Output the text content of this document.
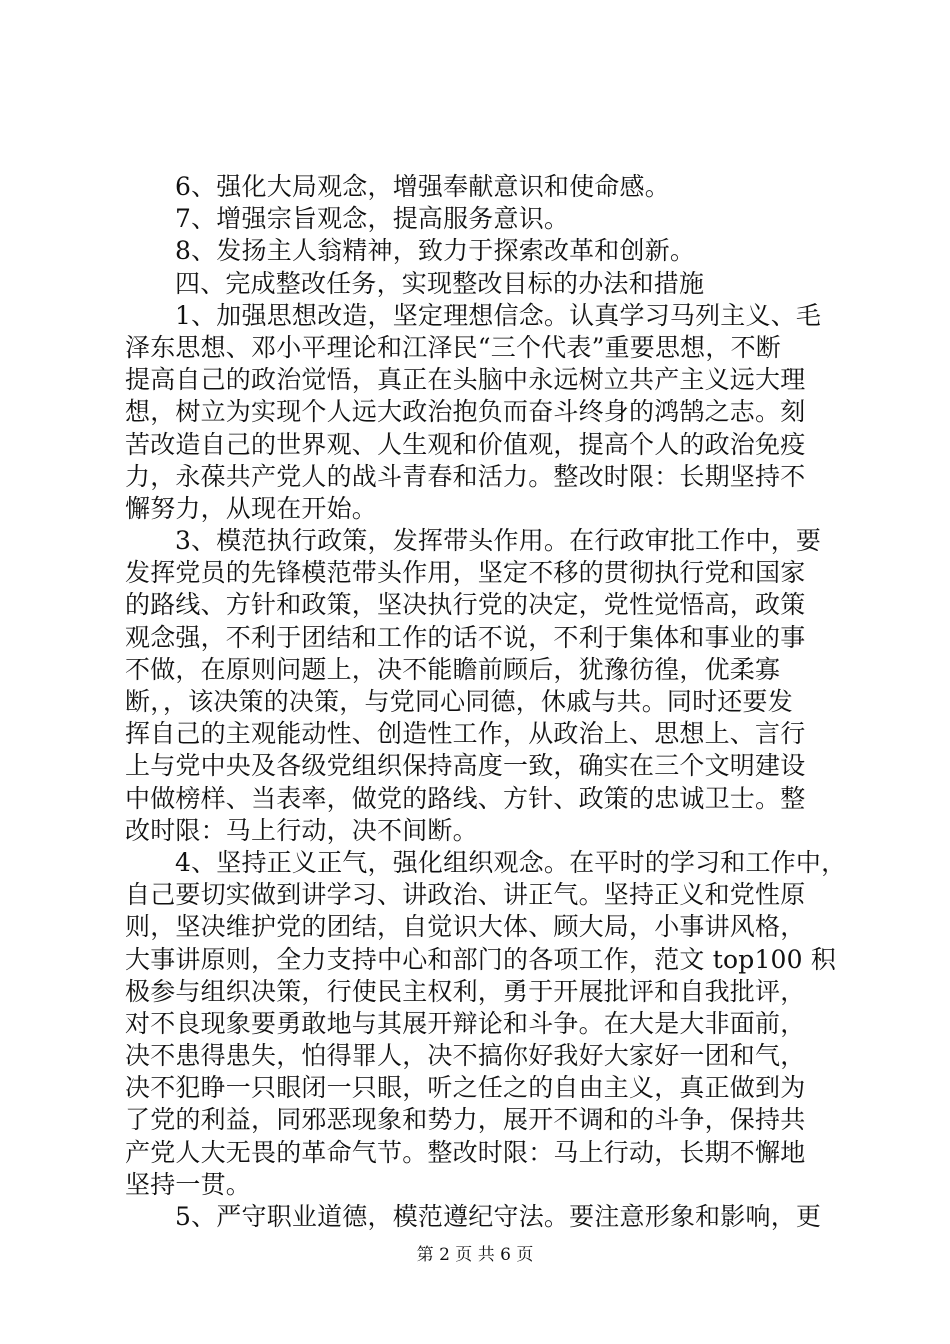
6、强化大局观念，增强奉献意识和使命感。
7、增强宗旨观念，提高服务意识。
8、发扬主人翁精神，致力于探索改革和创新。
四、完成整改任务，实现整改目标的办法和措施
1、加强思想改造，坚定理想信念。认真学习马列主义、毛
泽东思想、邓小平理论和江泽民“三个代表”重要思想，不断
提高自己的政治觉悟，真正在头脑中永远树立共产主义远大理
想，树立为实现个人远大政治抱负而奋斗终身的鸿鹄之志。刻
苦改造自己的世界观、人生观和价值观，提高个人的政治免疫
力，永葆共产党人的战斗青春和活力。整改时限：长期坚持不
懈努力，从现在开始。
3、模范执行政策，发挥带头作用。在行政审批工作中，要
发挥党员的先锋模范带头作用，坚定不移的贯彻执行党和国家
的路线、方针和政策，坚决执行党的决定，党性觉悟高，政策
观念强，不利于团结和工作的话不说，不利于集体和事业的事
不做，在原则问题上，决不能瞻前顾后，犹豫彷徨，优柔寡
断，，该决策的决策，与党同心同德，休戚与共。同时还要发
挥自己的主观能动性、创造性工作，从政治上、思想上、言行
上与党中央及各级党组织保持高度一致，确实在三个文明建设
中做榜样、当表率，做党的路线、方针、政策的忠诚卫士。整
改时限：马上行动，决不间断。
4、坚持正义正气，强化组织观念。在平时的学习和工作中，
自己要切实做到讲学习、讲政治、讲正气。坚持正义和党性原
则，坚决维护党的团结，自觉识大体、顾大局，小事讲风格，
大事讲原则，全力支持中心和部门的各项工作，范文 top100 积
极参与组织决策，行使民主权利，勇于开展批评和自我批评，
对不良现象要勇敢地与其展开辩论和斗争。在大是大非面前，
决不患得患失，怕得罪人，决不搞你好我好大家好一团和气，
决不犯睁一只眼闭一只眼，听之任之的自由主义，真正做到为
了党的利益，同邪恶现象和势力，展开不调和的斗争，保持共
产党人大无畏的革命气节。整改时限：马上行动，长期不懈地
坚持一贯。
5、严守职业道德，模范遵纪守法。要注意形象和影响，更
第 2 页 共 6 页
